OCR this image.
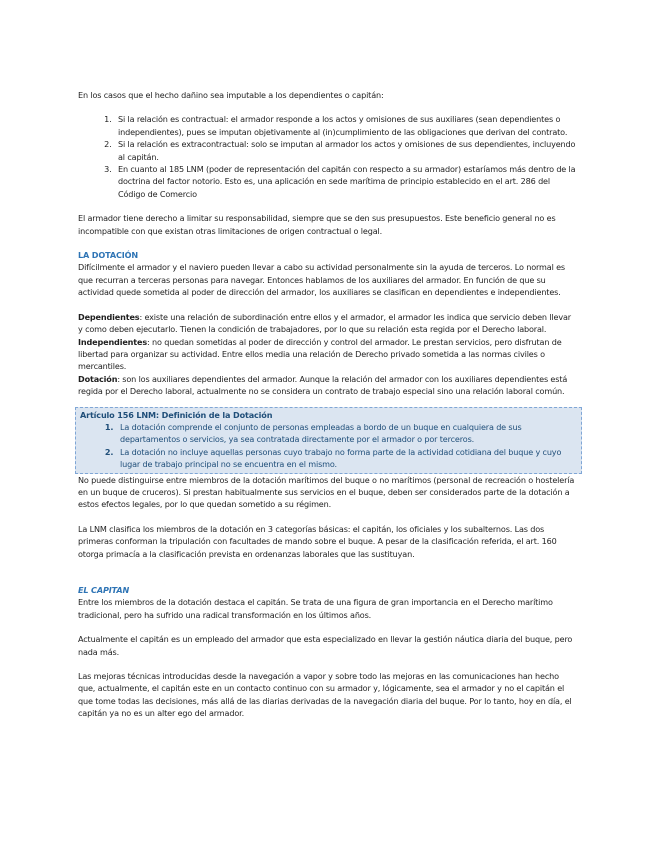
En los casos que el hecho dañino sea imputable a los dependientes o capitán:

1. Si la relación es contractual: el armador responde a los actos y omisiones de sus auxiliares (sean dependientes o independientes), pues se imputan objetivamente al (in)cumplimiento de las obligaciones que derivan del contrato.
2. Si la relación es extracontractual: solo se imputan al armador los actos y omisiones de sus dependientes, incluyendo al capitán.
3. En cuanto al 185 LNM (poder de representación del capitán con respecto a su armador) estaríamos más dentro de la doctrina del factor notorio. Esto es, una aplicación en sede marítima de principio establecido en el art. 286 del Código de Comercio

El armador tiene derecho a limitar su responsabilidad, siempre que se den sus presupuestos. Este beneficio general no es incompatible con que existan otras limitaciones de origen contractual o legal.

LA DOTACIÓN

Difícilmente el armador y el naviero pueden llevar a cabo su actividad personalmente sin la ayuda de terceros. Lo normal es que recurran a terceras personas para navegar. Entonces hablamos de los auxiliares del armador. En función de que su actividad quede sometida al poder de dirección del armador, los auxiliares se clasifican en dependientes e independientes.

Dependientes: existe una relación de subordinación entre ellos y el armador, el armador les indica que servicio deben llevar y como deben ejecutarlo. Tienen la condición de trabajadores, por lo que su relación esta regida por el Derecho laboral.

Independientes: no quedan sometidas al poder de dirección y control del armador. Le prestan servicios, pero disfrutan de libertad para organizar su actividad. Entre ellos media una relación de Derecho privado sometida a las normas civiles o mercantiles.

Dotación: son los auxiliares dependientes del armador. Aunque la relación del armador con los auxiliares dependientes está regida por el Derecho laboral, actualmente no se considera un contrato de trabajo especial sino una relación laboral común.

Artículo 156 LNM: Definición de la Dotación

1. La dotación comprende el conjunto de personas empleadas a bordo de un buque en cualquiera de sus departamentos o servicios, ya sea contratada directamente por el armador o por terceros.
2. La dotación no incluye aquellas personas cuyo trabajo no forma parte de la actividad cotidiana del buque y cuyo lugar de trabajo principal no se encuentra en el mismo.

No puede distinguirse entre miembros de la dotación marítimos del buque o no marítimos (personal de recreación o hostelería en un buque de cruceros). Si prestan habitualmente sus servicios en el buque, deben ser considerados parte de la dotación a estos efectos legales, por lo que quedan sometido a su régimen.

La LNM clasifica los miembros de la dotación en 3 categorías básicas: el capitán, los oficiales y los subalternos. Las dos primeras conforman la tripulación con facultades de mando sobre el buque. A pesar de la clasificación referida, el art. 160 otorga primacía a la clasificación prevista en ordenanzas laborales que las sustituyan.

EL CAPITAN

Entre los miembros de la dotación destaca el capitán. Se trata de una figura de gran importancia en el Derecho marítimo tradicional, pero ha sufrido una radical transformación en los últimos años.

Actualmente el capitán es un empleado del armador que esta especializado en llevar la gestión náutica diaria del buque, pero nada más.

Las mejoras técnicas introducidas desde la navegación a vapor y sobre todo las mejoras en las comunicaciones han hecho que, actualmente, el capitán este en un contacto continuo con su armador y, lógicamente, sea el armador y no el capitán el que tome todas las decisiones, más allá de las diarias derivadas de la navegación diaria del buque. Por lo tanto, hoy en día, el capitán ya no es un alter ego del armador.
